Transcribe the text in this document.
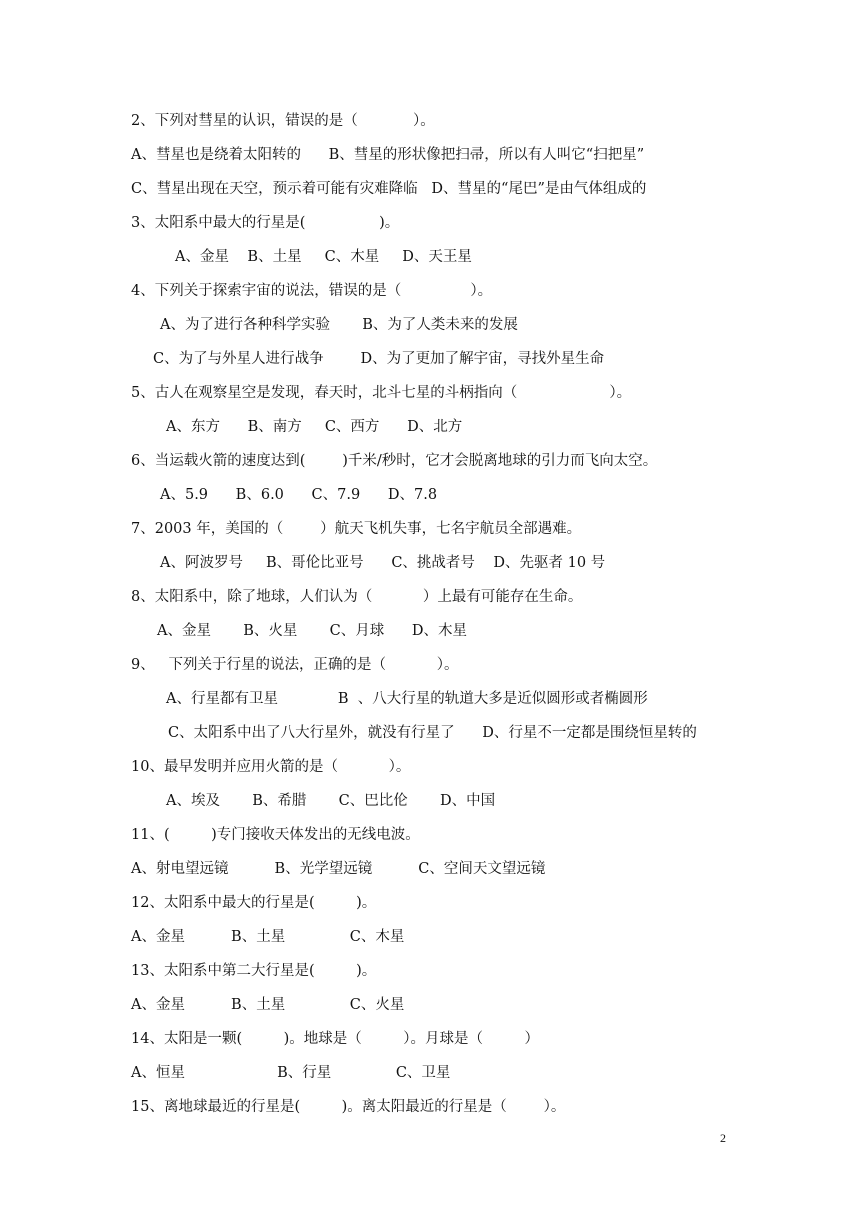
2、下列对彗星的认识，错误的是（            ）。
A、彗星也是绕着太阳转的      B、彗星的形状像把扫帚，所以有人叫它“扫把星”
C、彗星出现在天空，预示着可能有灾难降临   D、彗星的“尾巴”是由气体组成的
3、太阳系中最大的行星是(                )。
A、金星    B、土星     C、木星     D、天王星
4、下列关于探索宇宙的说法，错误的是（               ）。
A、为了进行各种科学实验       B、为了人类未来的发展
C、为了与外星人进行战争        D、为了更加了解宇宙，寻找外星生命
5、古人在观察星空是发现，春天时，北斗七星的斗柄指向（                    ）。
A、东方      B、南方     C、西方      D、北方
6、当运载火箭的速度达到(        )千米/秒时，它才会脱离地球的引力而飞向太空。
A、5.9      B、6.0      C、7.9      D、7.8
7、2003 年，美国的（        ）航天飞机失事，七名宇航员全部遇难。
A、阿波罗号     B、哥伦比亚号      C、挑战者号    D、先驱者 10 号
8、太阳系中，除了地球，人们认为（           ）上最有可能存在生命。
A、金星       B、火星       C、月球      D、木星
9、   下列关于行星的说法，正确的是（           ）。
A、行星都有卫星             B  、八大行星的轨道大多是近似圆形或者椭圆形
C、太阳系中出了八大行星外，就没有行星了      D、行星不一定都是围绕恒星转的
10、最早发明并应用火箭的是（           ）。
A、埃及       B、希腊       C、巴比伦       D、中国
11、(         )专门接收天体发出的无线电波。
A、射电望远镜          B、光学望远镜          C、空间天文望远镜
12、太阳系中最大的行星是(         )。
A、金星          B、土星              C、木星
13、太阳系中第二大行星是(         )。
A、金星          B、土星              C、火星
14、太阳是一颗(         )。地球是（         ）。月球是（         ）
A、恒星                    B、行星              C、卫星
15、离地球最近的行星是(         )。离太阳最近的行星是（        ）。
2
